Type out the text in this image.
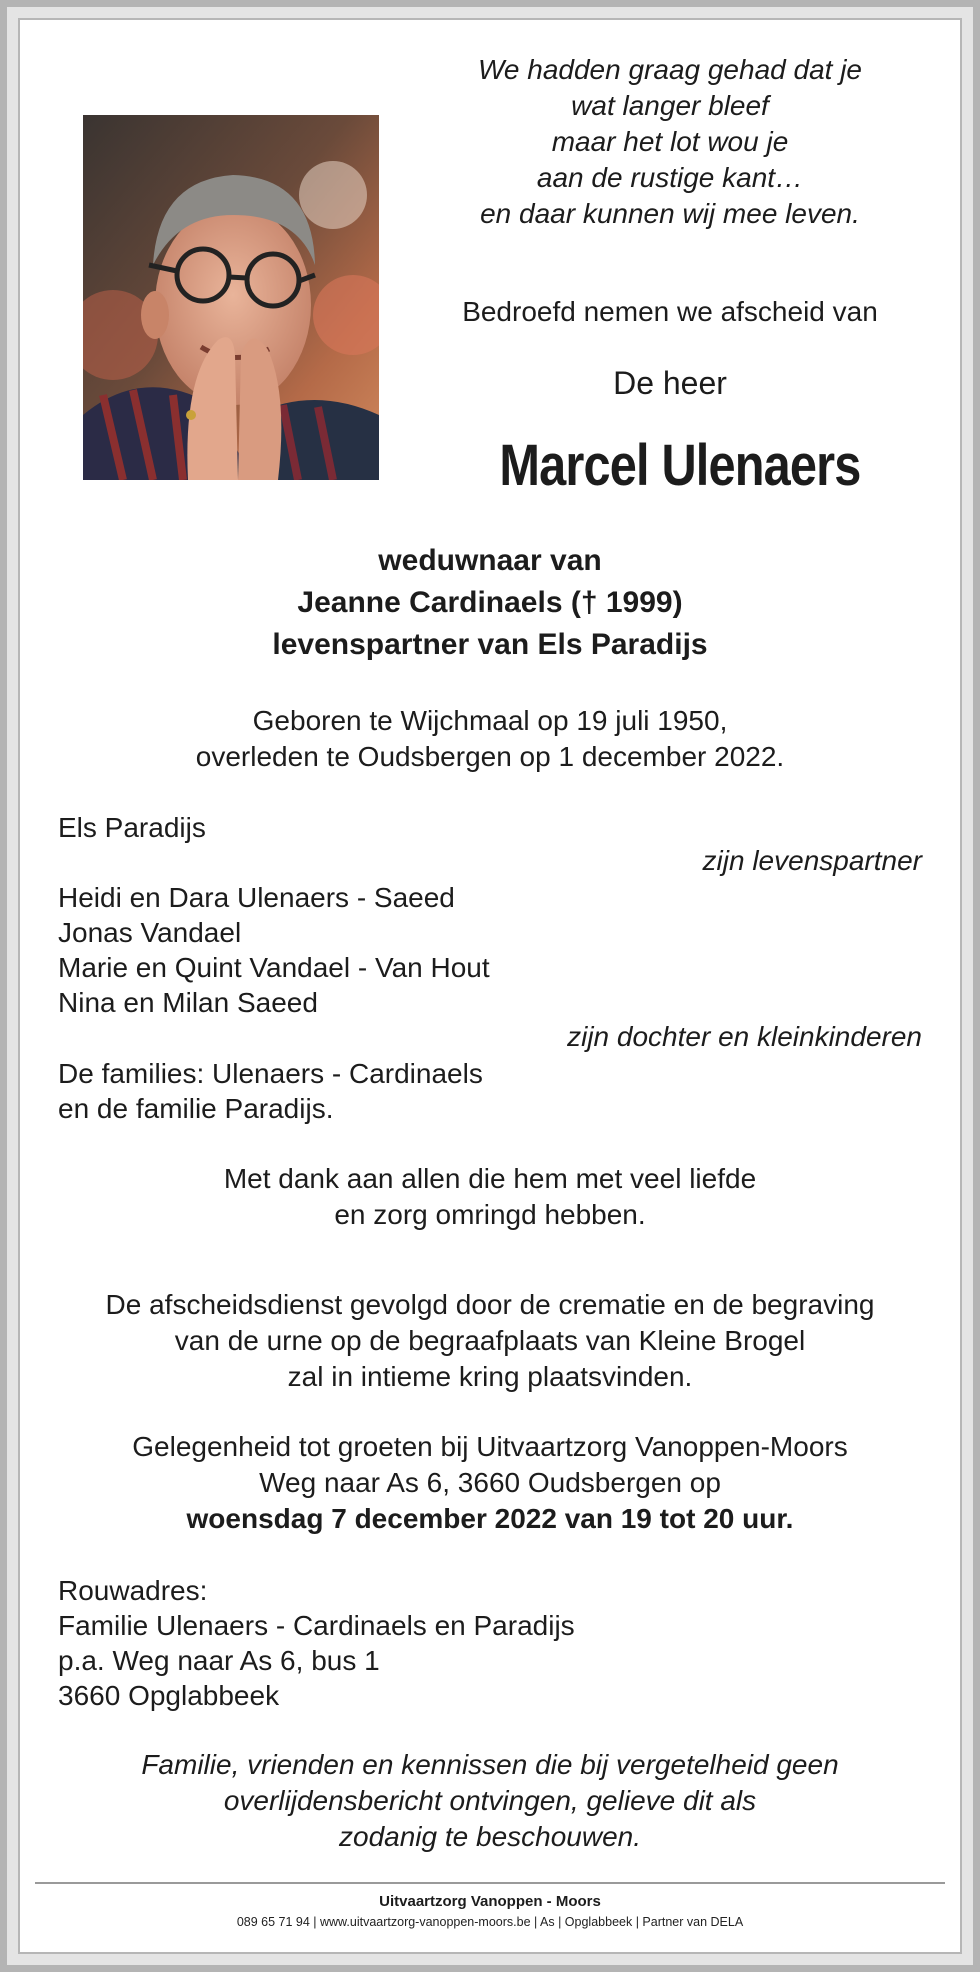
We hadden graag gehad dat je

wat langer bleef

maar het lot wou je

aan de rustige kant…

en daar kunnen wij mee leven.

Bedroefd nemen we afscheid van

De heer

Marcel Ulenaers

weduwnaar van

Jeanne Cardinaels († 1999)

levenspartner van Els Paradijs

Geboren te Wijchmaal op 19 juli 1950,

overleden te Oudsbergen op 1 december 2022.

Els Paradijs

zijn levenspartner

Heidi en Dara Ulenaers - Saeed

Jonas Vandael

Marie en Quint Vandael - Van Hout

Nina en Milan Saeed

zijn dochter en kleinkinderen

De families: Ulenaers - Cardinaels

en de familie Paradijs.

Met dank aan allen die hem met veel liefde

en zorg omringd hebben.

De afscheidsdienst gevolgd door de crematie en de begraving

van de urne op de begraafplaats van Kleine Brogel

zal in intieme kring plaatsvinden.

Gelegenheid tot groeten bij Uitvaartzorg Vanoppen-Moors

Weg naar As 6, 3660 Oudsbergen op

woensdag 7 december 2022 van 19 tot 20 uur.

Rouwadres:

Familie Ulenaers - Cardinaels en Paradijs

p.a. Weg naar As 6, bus 1

3660 Opglabbeek

Familie, vrienden en kennissen die bij vergetelheid geen

overlijdensbericht ontvingen, gelieve dit als

zodanig te beschouwen.

Uitvaartzorg Vanoppen - Moors

089 65 71 94 | www.uitvaartzorg-vanoppen-moors.be | As | Opglabbeek | Partner van DELA
